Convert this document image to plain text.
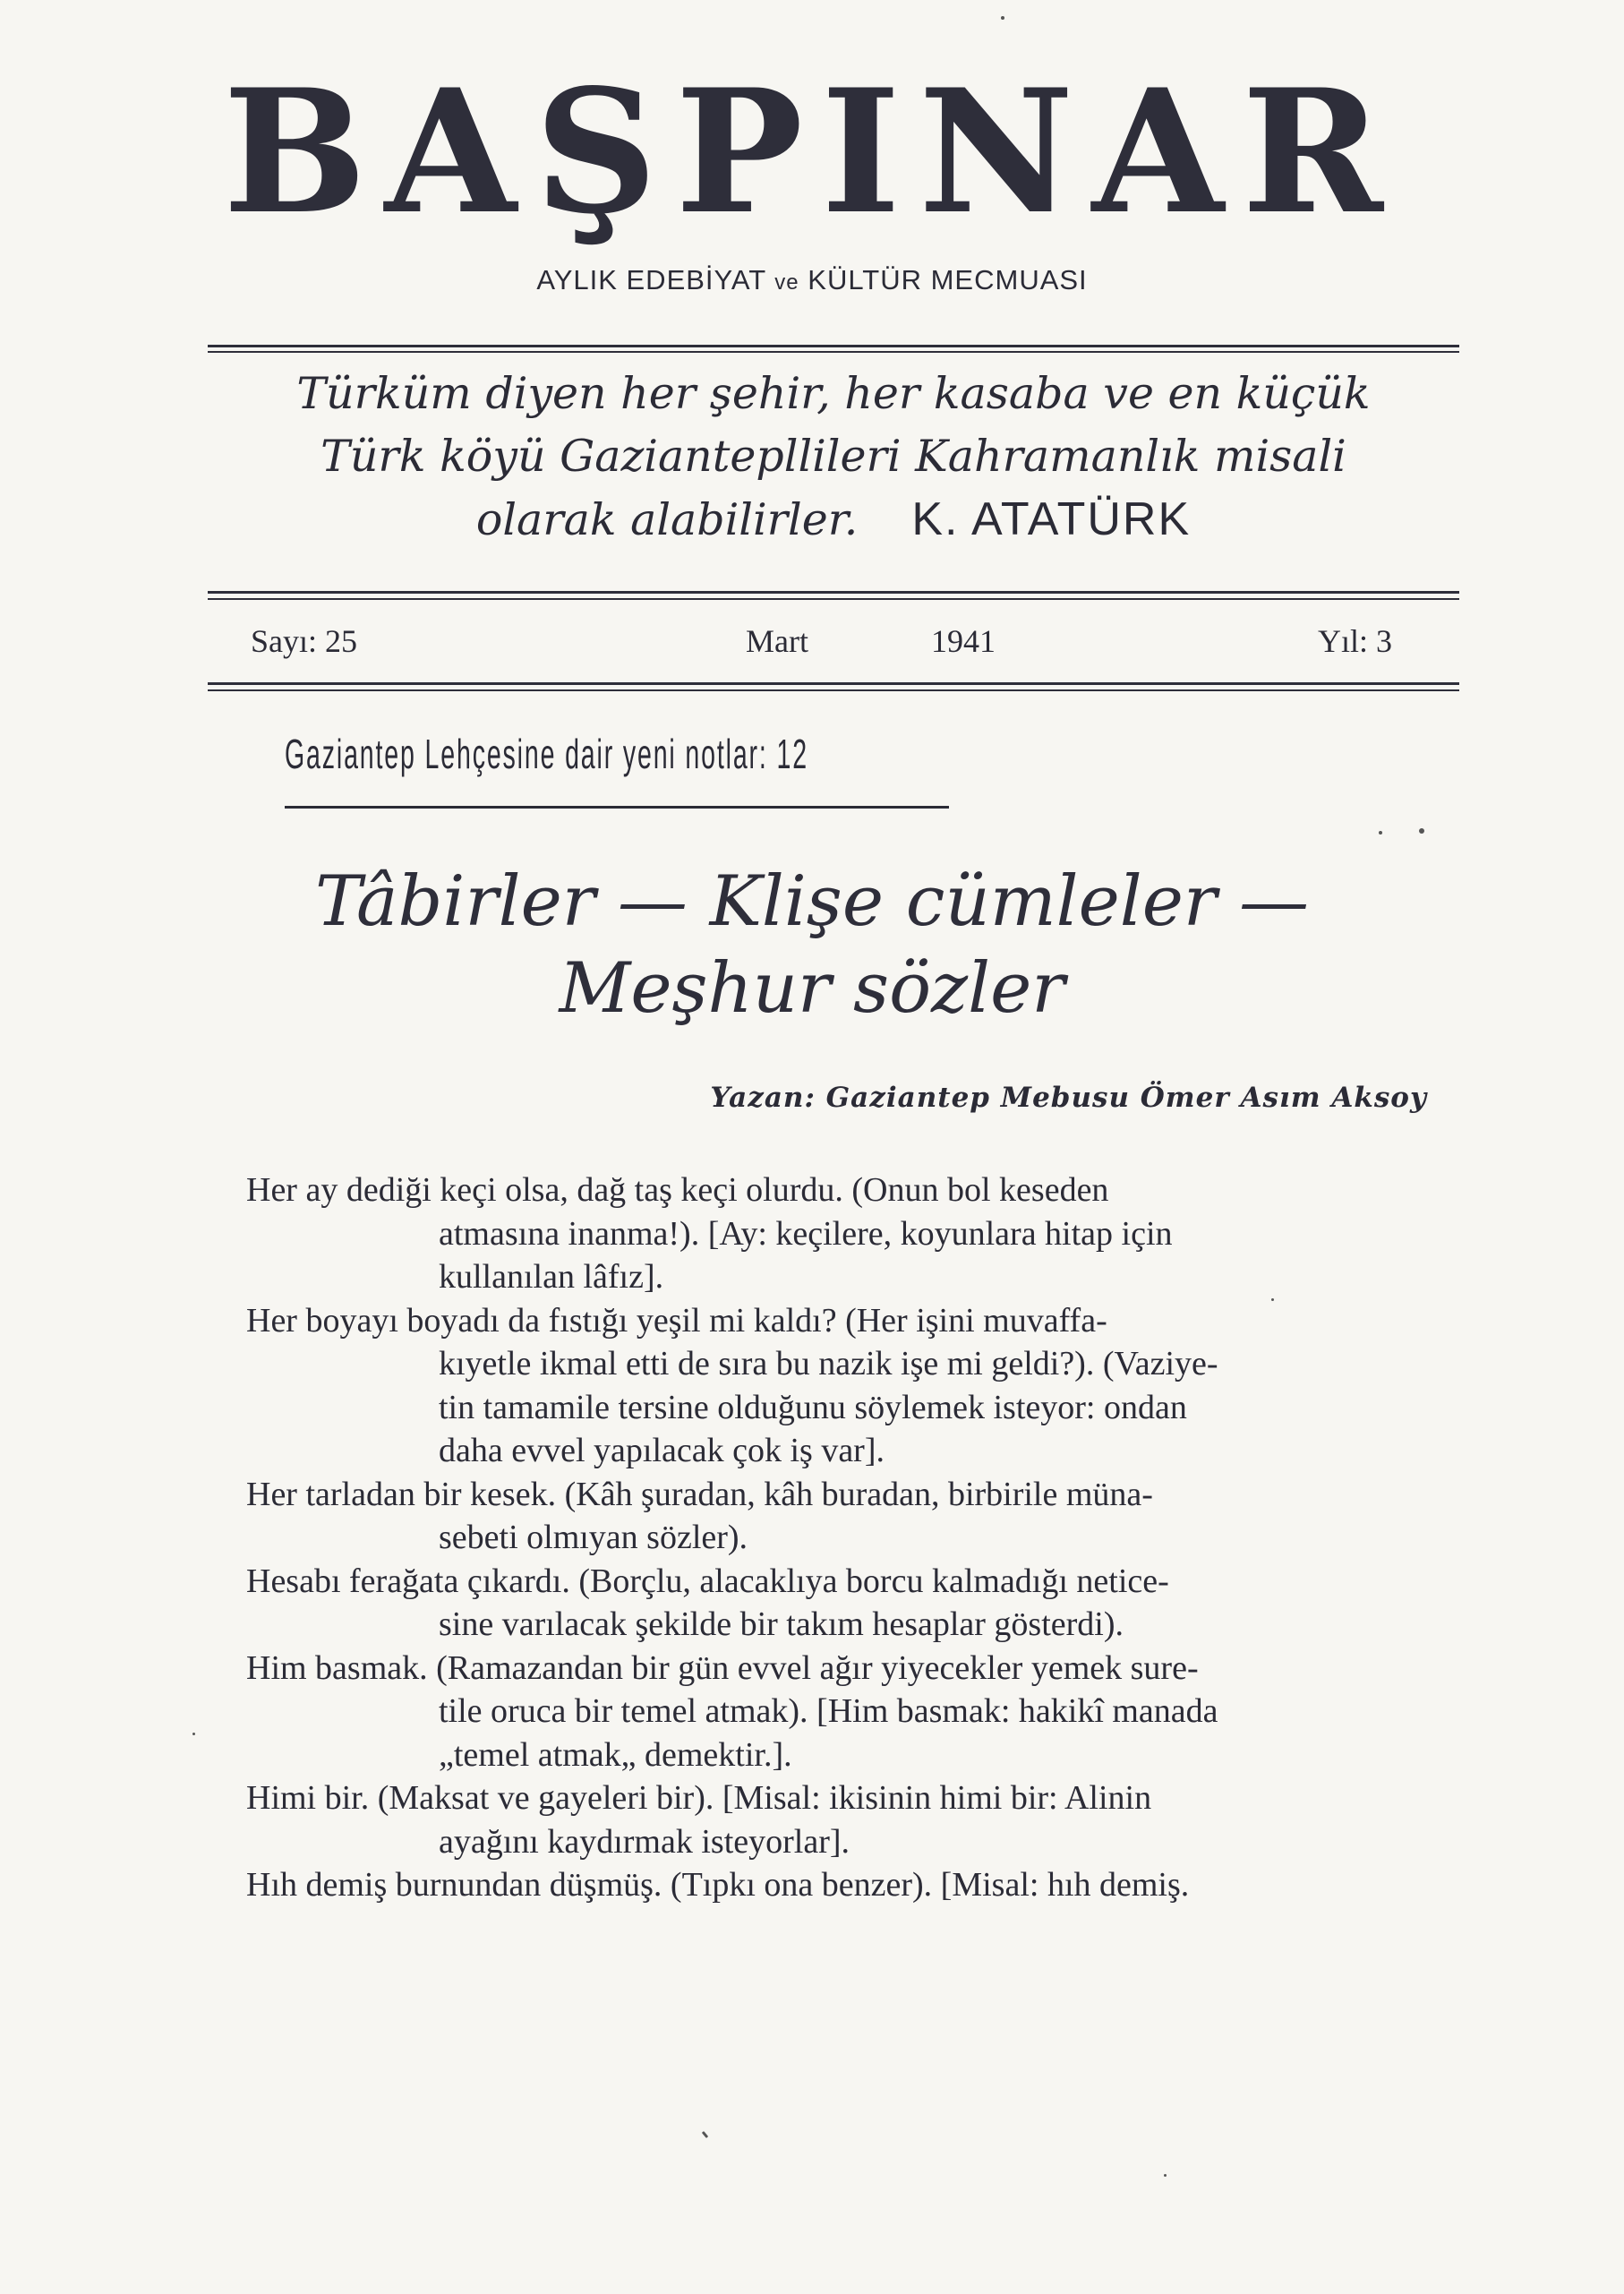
BAŞPINAR
AYLIK EDEBİYAT ve KÜLTÜR MECMUASI
Türküm diyen her şehir, her kasaba ve en küçük
Türk köyü Gaziantepllileri Kahramanlık misali
olarak alabilirler. K. ATATÜRK
Sayı: 25	Mart	1941	Yıl: 3
Gaziantep Lehçesine dair yeni notlar: 12
Tâbirler — Klişe cümleler —
Meşhur sözler
Yazan: Gaziantep Mebusu Ömer Asım Aksoy
Her ay dediği keçi olsa, dağ taş keçi olurdu. (Onun bol keseden
atmasına inanma!). [Ay: keçilere, koyunlara hitap için
kullanılan lâfız].
Her boyayı boyadı da fıstığı yeşil mi kaldı? (Her işini muvaffa-
kıyetle ikmal etti de sıra bu nazik işe mi geldi?). (Vaziye-
tin tamamile tersine olduğunu söylemek isteyor: ondan
daha evvel yapılacak çok iş var].
Her tarladan bir kesek. (Kâh şuradan, kâh buradan, birbirile müna-
sebeti olmıyan sözler).
Hesabı ferağata çıkardı. (Borçlu, alacaklıya borcu kalmadığı netice-
sine varılacak şekilde bir takım hesaplar gösterdi).
Him basmak. (Ramazandan bir gün evvel ağır yiyecekler yemek sure-
tile oruca bir temel atmak). [Him basmak: hakikî manada
„temel atmak„ demektir.].
Himi bir. (Maksat ve gayeleri bir). [Misal: ikisinin himi bir: Alinin
ayağını kaydırmak isteyorlar].
Hıh demiş burnundan düşmüş. (Tıpkı ona benzer). [Misal: hıh demiş.
